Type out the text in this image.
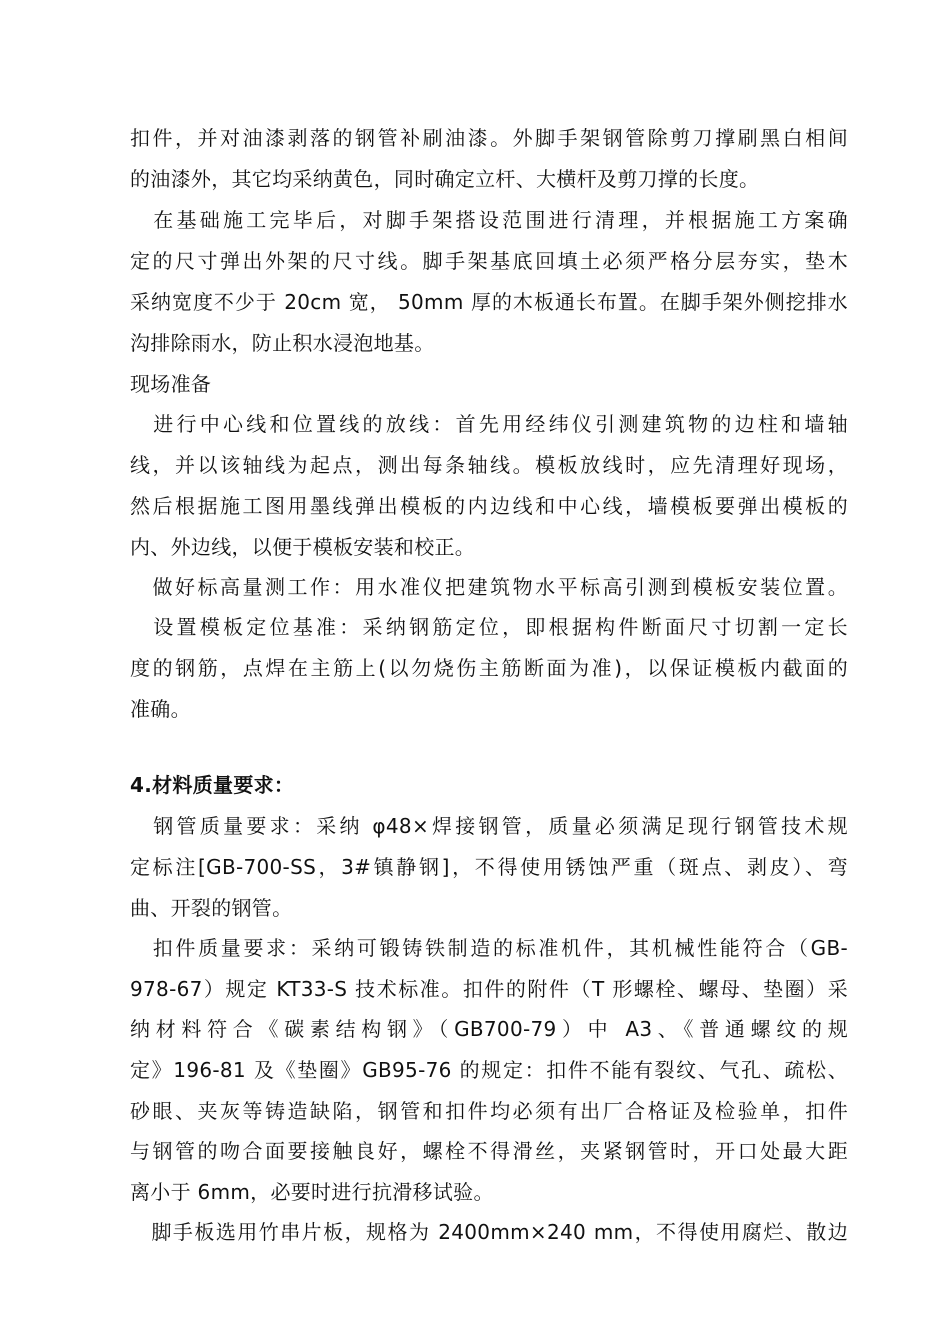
扣件，并对油漆剥落的钢管补刷油漆。外脚手架钢管除剪刀撑刷黑白相间
的油漆外，其它均采纳黄色，同时确定立杆、大横杆及剪刀撑的长度。
　在基础施工完毕后，对脚手架搭设范围进行清理，并根据施工方案确
定的尺寸弹出外架的尺寸线。脚手架基底回填土必须严格分层夯实，垫木
采纳宽度不少于 20cm 宽， 50mm 厚的木板通长布置。在脚手架外侧挖排水
沟排除雨水，防止积水浸泡地基。
现场准备
　进行中心线和位置线的放线：首先用经纬仪引测建筑物的边柱和墙轴
线，并以该轴线为起点，测出每条轴线。模板放线时，应先清理好现场，
然后根据施工图用墨线弹出模板的内边线和中心线，墙模板要弹出模板的
内、外边线，以便于模板安装和校正。
　做好标高量测工作：用水准仪把建筑物水平标高引测到模板安装位置。
　设置模板定位基准：采纳钢筋定位，即根据构件断面尺寸切割一定长
度的钢筋，点焊在主筋上(以勿烧伤主筋断面为准)，以保证模板内截面的
准确。
4.材料质量要求：
　钢管质量要求：采纳 φ48×焊接钢管，质量必须满足现行钢管技术规
定标注[GB-700-SS，3#镇静钢]，不得使用锈蚀严重（斑点、剥皮）、弯
曲、开裂的钢管。
　扣件质量要求：采纳可锻铸铁制造的标准机件，其机械性能符合（GB-
978-67）规定 KT33-S 技术标准。扣件的附件（T 形螺栓、螺母、垫圈）采
纳材料符合《碳素结构钢》（GB700-79）中 A3、《普通螺纹的规
定》196-81 及《垫圈》GB95-76 的规定：扣件不能有裂纹、气孔、疏松、
砂眼、夹灰等铸造缺陷，钢管和扣件均必须有出厂合格证及检验单，扣件
与钢管的吻合面要接触良好，螺栓不得滑丝，夹紧钢管时，开口处最大距
离小于 6mm，必要时进行抗滑移试验。
　脚手板选用竹串片板，规格为 2400mm×240 mm，不得使用腐烂、散边
